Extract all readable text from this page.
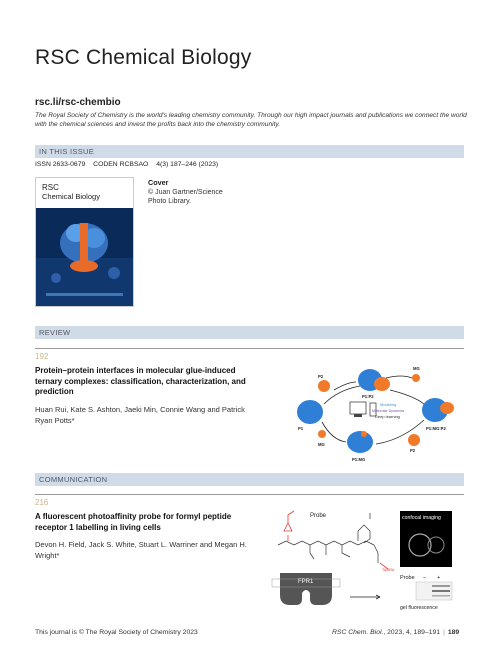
RSC Chemical Biology
rsc.li/rsc-chembio
The Royal Society of Chemistry is the world's leading chemistry community. Through our high impact journals and publications we connect the world with the chemical sciences and invest the profits back into the chemistry community.
IN THIS ISSUE
ISSN 2633-0679 CODEN RCBSAO 4(3) 187–246 (2023)
RSC
Chemical Biology
Cover
© Juan Gartner/Science Photo Library.
REVIEW
192
Protein–protein interfaces in molecular glue-induced ternary complexes: classification, characterization, and prediction
Huan Rui, Kate S. Ashton, Jaeki Min, Connie Wang and Patrick Ryan Potts*
Modeling
Molecular Dynamics
Deep learning
P1:P2
P2
MG
P1	P1:MG:P2
MG
P1:MG
P2
COMMUNICATION
216
A fluorescent photoaffinity probe for formyl peptide receptor 1 labelling in living cells
Devon H. Field, Jack S. White, Stuart L. Warriner and Megan H. Wright*
TAMRA
Probe
FPR1
confocal imaging
Probe − +
gel fluorescence
This journal is © The Royal Society of Chemistry 2023	RSC Chem. Biol., 2023, 4, 189–191 | 189
